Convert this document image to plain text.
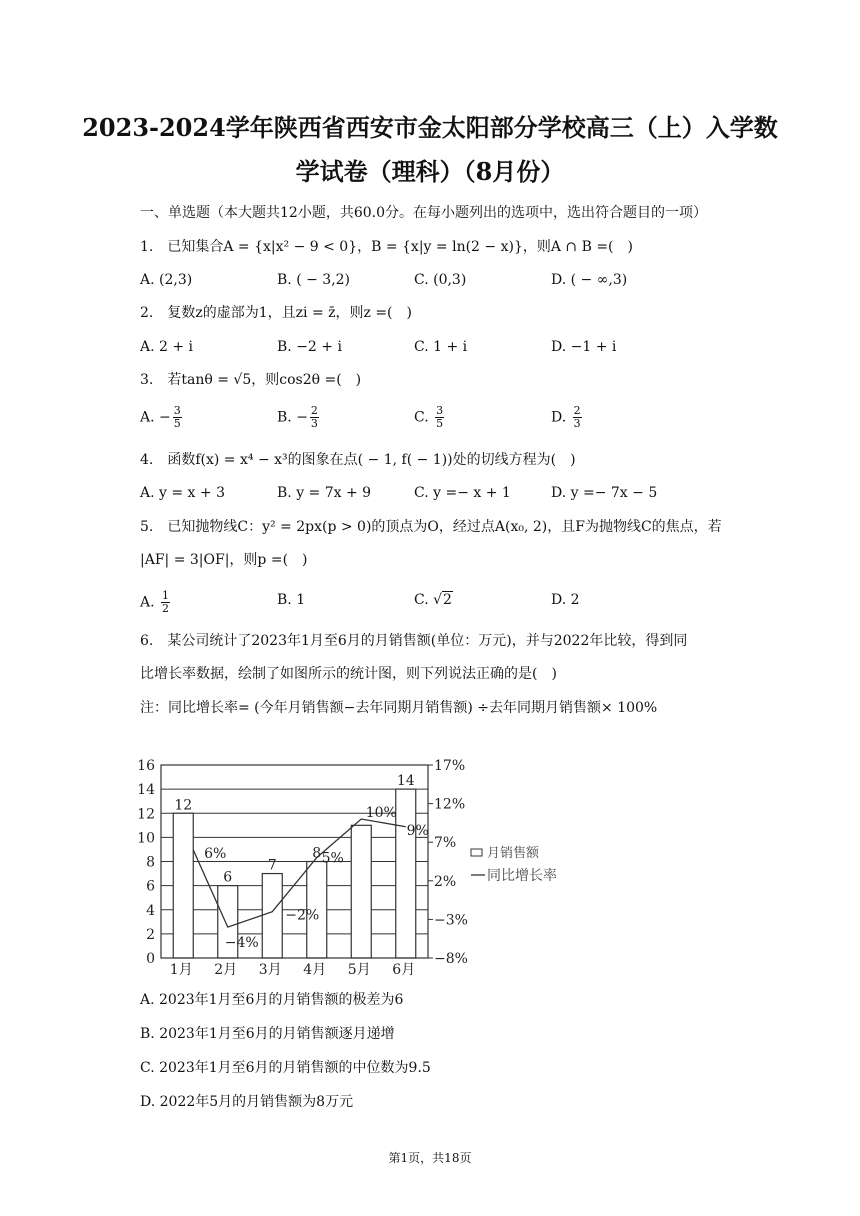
2023-2024学年陕西省西安市金太阳部分学校高三（上）入学数
学试卷（理科）（8月份）
一、单选题（本大题共12小题，共60.0分。在每小题列出的选项中，选出符合题目的一项）
1.　已知集合A = {x|x² − 9 < 0}，B = {x|y = ln(2 − x)}，则A ∩ B =(　)
A. (2,3)	B. ( − 3,2)	C. (0,3)	D. ( − ∞,3)
2.　复数z的虚部为1，且zi = z̄，则z =(　)
A. 2 + i	B. −2 + i	C. 1 + i	D. −1 + i
3.　若tanθ = √5，则cos2θ =(　)
A. − $\frac{3}{5}$	B. − $\frac{2}{3}$	C. $\frac{3}{5}$	D. $\frac{2}{3}$
4.　函数f(x) = x⁴ − x³的图象在点( − 1, f( − 1))处的切线方程为(　)
A. y = x + 3	B. y = 7x + 9	C. y =− x + 1	D. y =− 7x − 5
5.　已知抛物线C：y² = 2px(p > 0)的顶点为O，经过点A(x₀, 2)，且F为抛物线C的焦点，若
|AF| = 3|OF|，则p =(　)
A. $\frac{1}{2}$	B. 1	C. √2	D. 2
6.　某公司统计了2023年1月至6月的月销售额(单位：万元)，并与2022年比较，得到同
比增长率数据，绘制了如图所示的统计图，则下列说法正确的是(　)
注：同比增长率= (今年月销售额−去年同期月销售额) ÷去年同期月销售额× 100%
12
6
7
8
14
6%
−4%
−2%
5%
10%
9%
0
2
4
6
8
10
12
14
16
−8%
−3%
2%
7%
12%
17%
1月 2月 3月 4月 5月 6月
月销售额
同比增长率
A. 2023年1月至6月的月销售额的极差为6
B. 2023年1月至6月的月销售额逐月递增
C. 2023年1月至6月的月销售额的中位数为9.5
D. 2022年5月的月销售额为8万元
第1页，共18页
